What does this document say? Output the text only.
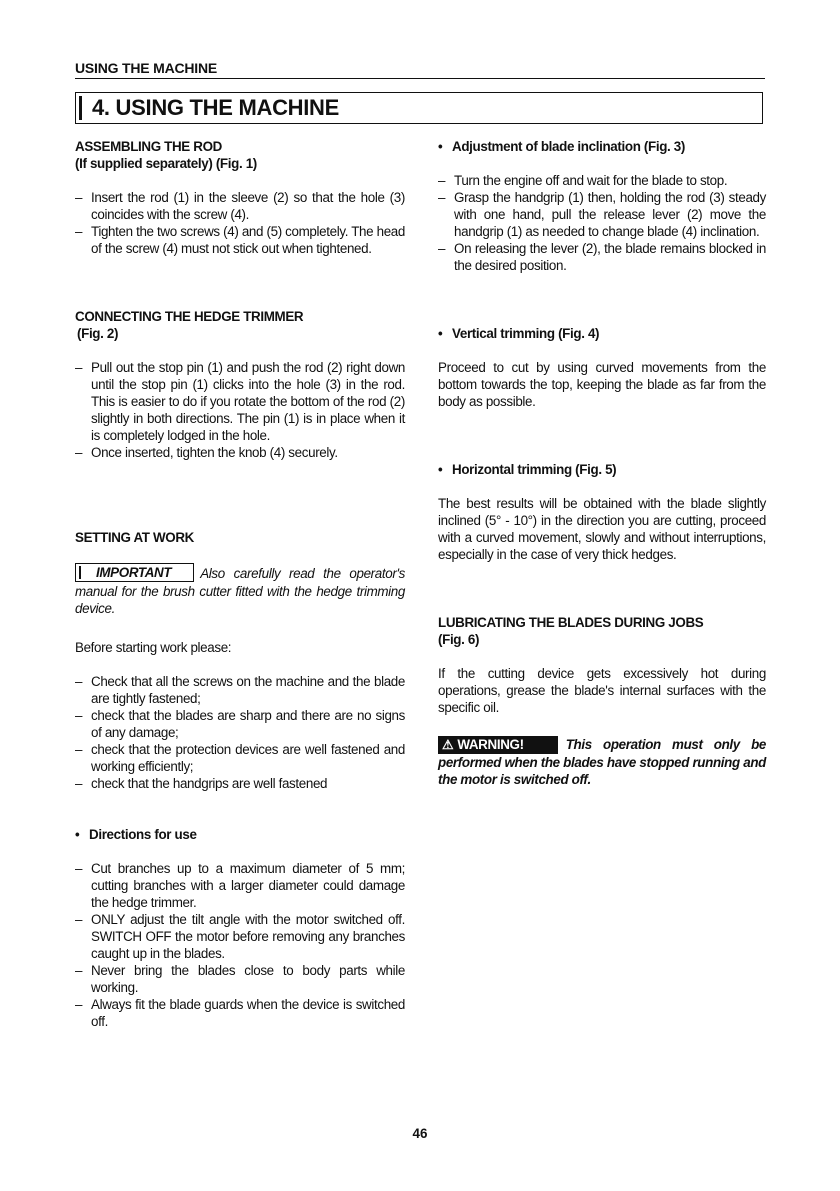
USING THE MACHINE
4. USING THE MACHINE

ASSEMBLING THE ROD

(If supplied separately) (Fig. 1)

– Insert the rod (1) in the sleeve (2) so that the hole (3) coincides with the screw (4).
– Tighten the two screws (4) and (5) completely. The head of the screw (4) must not stick out when tightened.

CONNECTING THE HEDGE TRIMMER

(Fig. 2)

– Pull out the stop pin (1) and push the rod (2) right down until the stop pin (1) clicks into the hole (3) in the rod. This is easier to do if you rotate the bottom of the rod (2) slightly in both directions. The pin (1) is in place when it is completely lodged in the hole.
– Once inserted, tighten the knob (4) securely.

SETTING AT WORK

IMPORTANT Also carefully read the operator's manual for the brush cutter fitted with the hedge trimming device.

Before starting work please:

– Check that all the screws on the machine and the blade are tightly fastened;
– check that the blades are sharp and there are no signs of any damage;
– check that the protection devices are well fastened and working efficiently;
– check that the handgrips are well fastened

• Directions for use

– Cut branches up to a maximum diameter of 5 mm; cutting branches with a larger diameter could damage the hedge trimmer.
– ONLY adjust the tilt angle with the motor switched off. SWITCH OFF the motor before removing any branches caught up in the blades.
– Never bring the blades close to body parts while working.
– Always fit the blade guards when the device is switched off.

• Adjustment of blade inclination (Fig. 3)

– Turn the engine off and wait for the blade to stop.
– Grasp the handgrip (1) then, holding the rod (3) steady with one hand, pull the release lever (2) move the handgrip (1) as needed to change blade (4) inclination.
– On releasing the lever (2), the blade remains blocked in the desired position.

• Vertical trimming (Fig. 4)

Proceed to cut by using curved movements from the bottom towards the top, keeping the blade as far from the body as possible.

• Horizontal trimming (Fig. 5)

The best results will be obtained with the blade slightly inclined (5° - 10°) in the direction you are cutting, proceed with a curved movement, slowly and without interruptions, especially in the case of very thick hedges.

LUBRICATING THE BLADES DURING JOBS

(Fig. 6)

If the cutting device gets excessively hot during operations, grease the blade's internal surfaces with the specific oil.

⚠ WARNING!	This operation must only be performed when the blades have stopped running and the motor is switched off.

46
